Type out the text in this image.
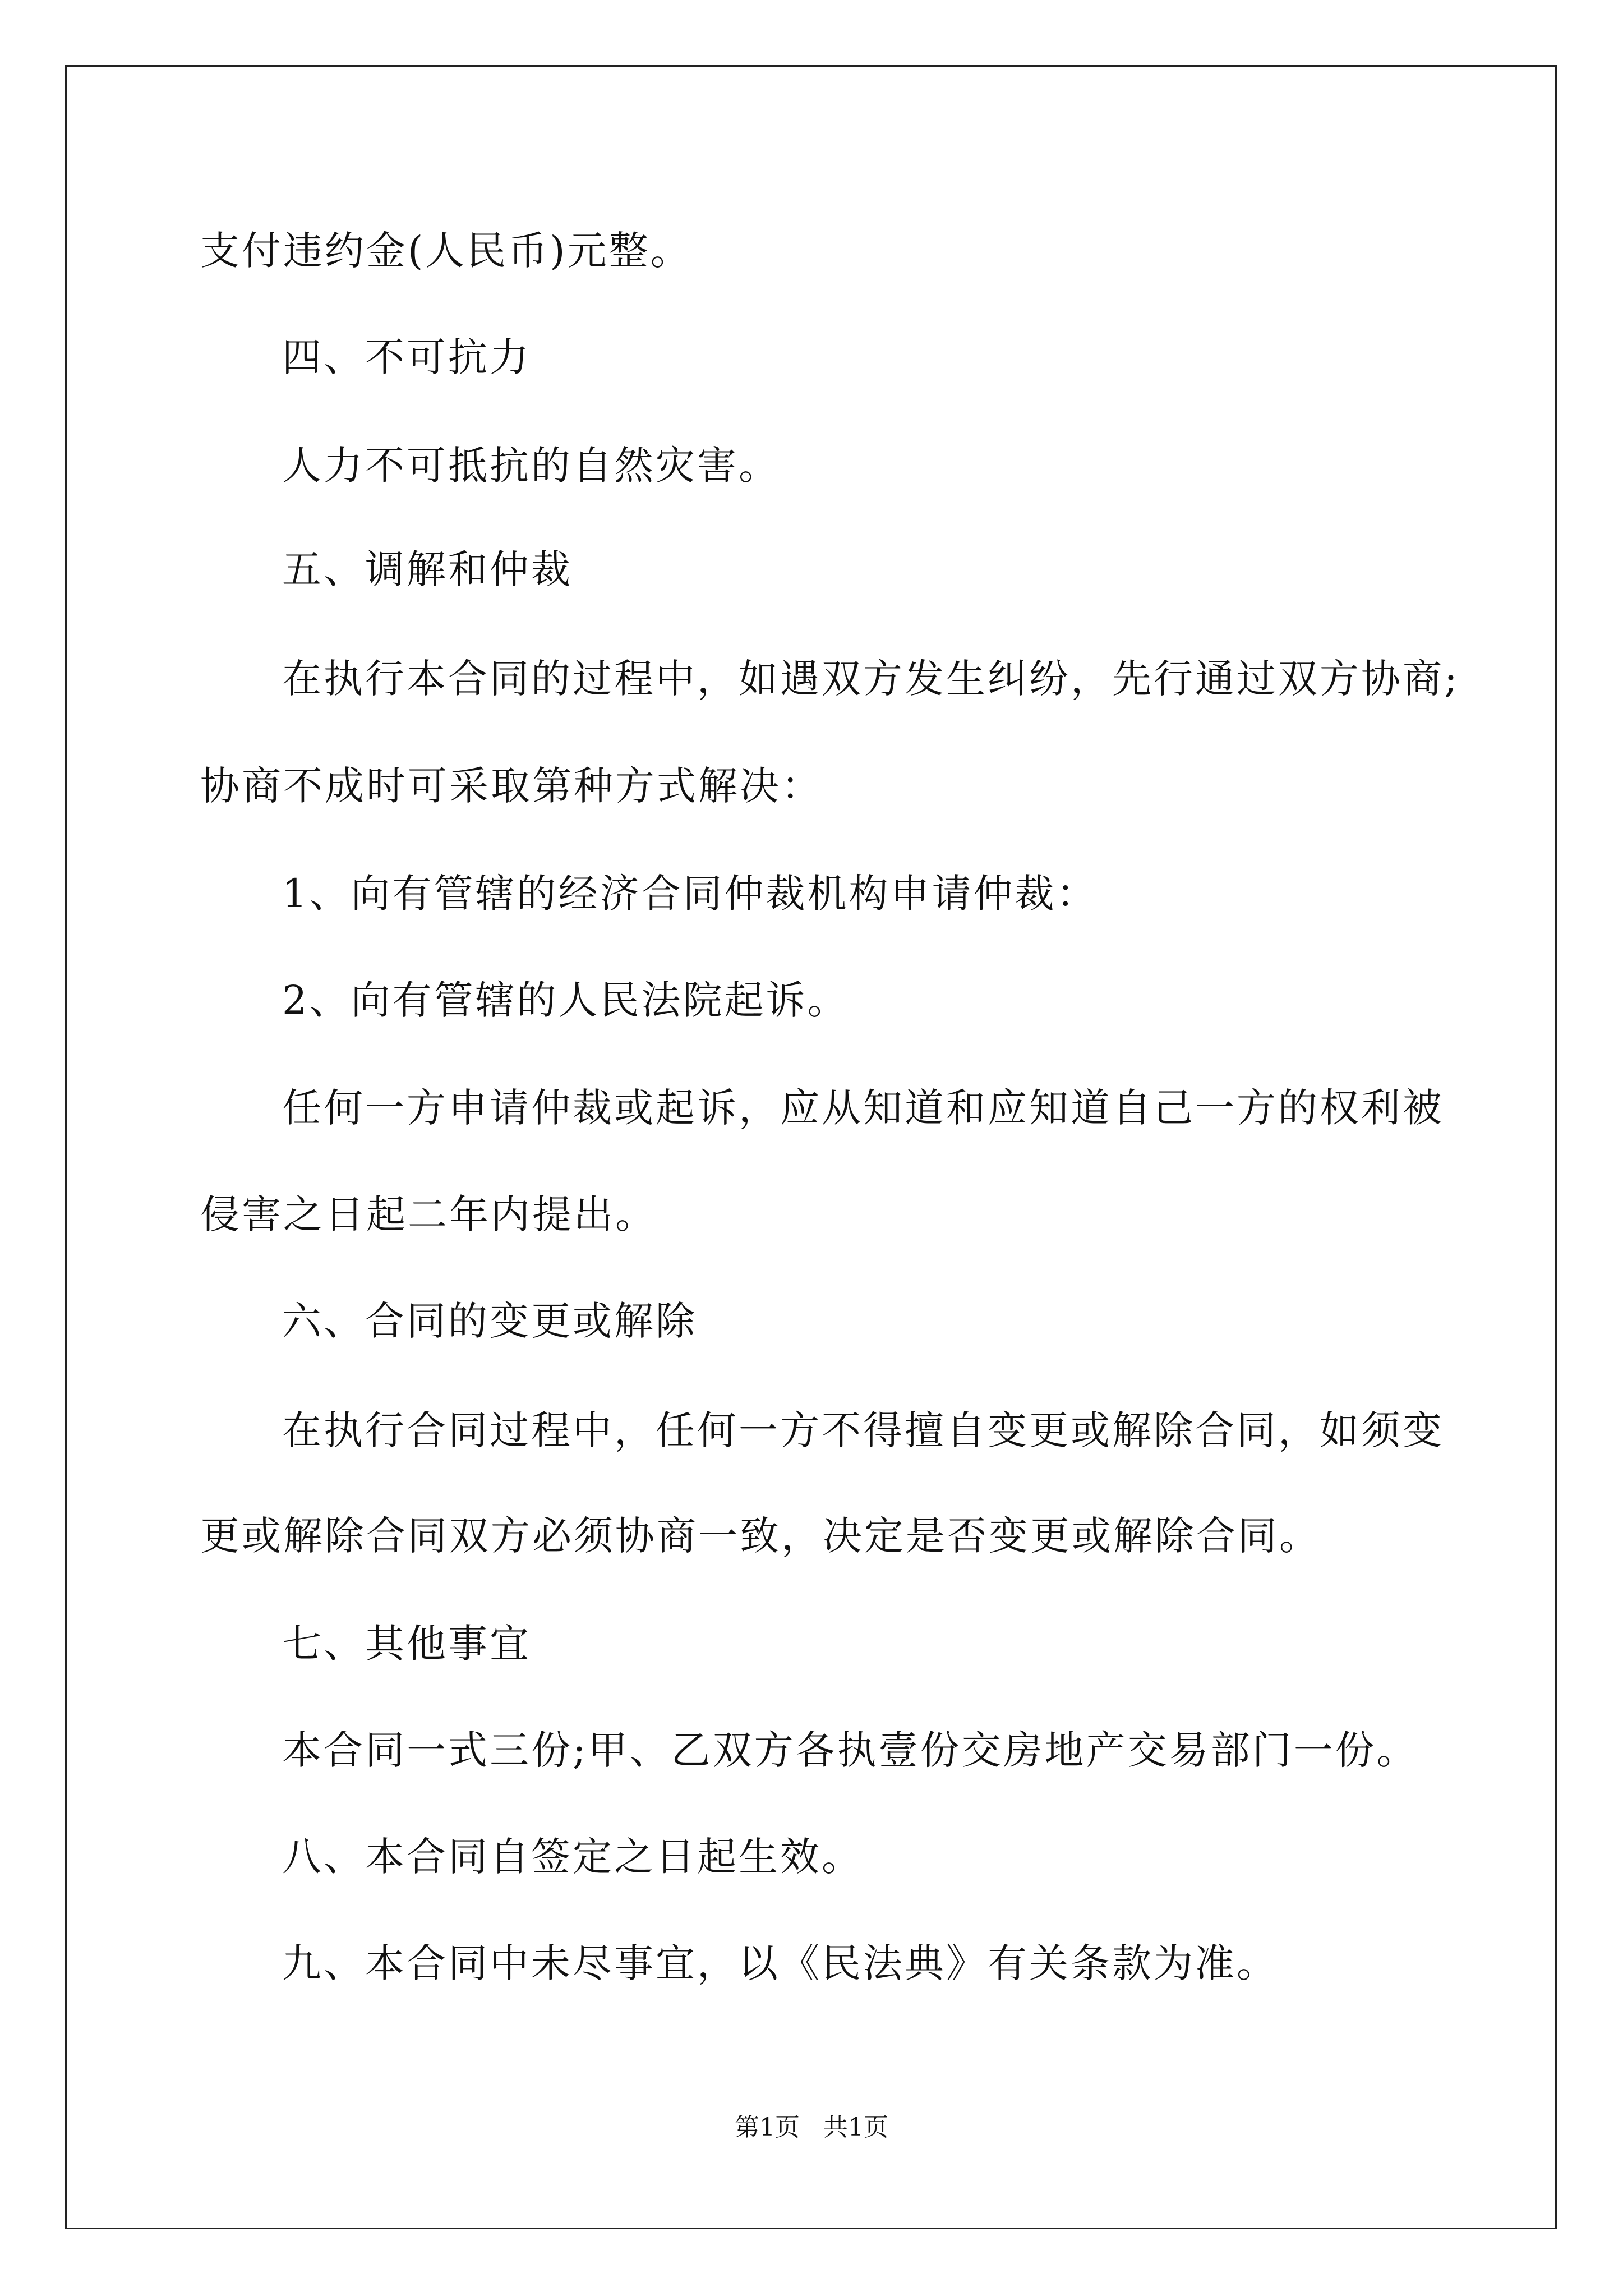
支付违约金(人民币)元整。
四、不可抗力
人力不可抵抗的自然灾害。
五、调解和仲裁
在执行本合同的过程中，如遇双方发生纠纷，先行通过双方协商;
协商不成时可采取第种方式解决：
1、向有管辖的经济合同仲裁机构申请仲裁：
2、向有管辖的人民法院起诉。
任何一方申请仲裁或起诉，应从知道和应知道自己一方的权利被
侵害之日起二年内提出。
六、合同的变更或解除
在执行合同过程中，任何一方不得擅自变更或解除合同，如须变
更或解除合同双方必须协商一致，决定是否变更或解除合同。
七、其他事宜
本合同一式三份;甲、乙双方各执壹份交房地产交易部门一份。
八、本合同自签定之日起生效。
九、本合同中未尽事宜，以《民法典》有关条款为准。
第1页   共1页
